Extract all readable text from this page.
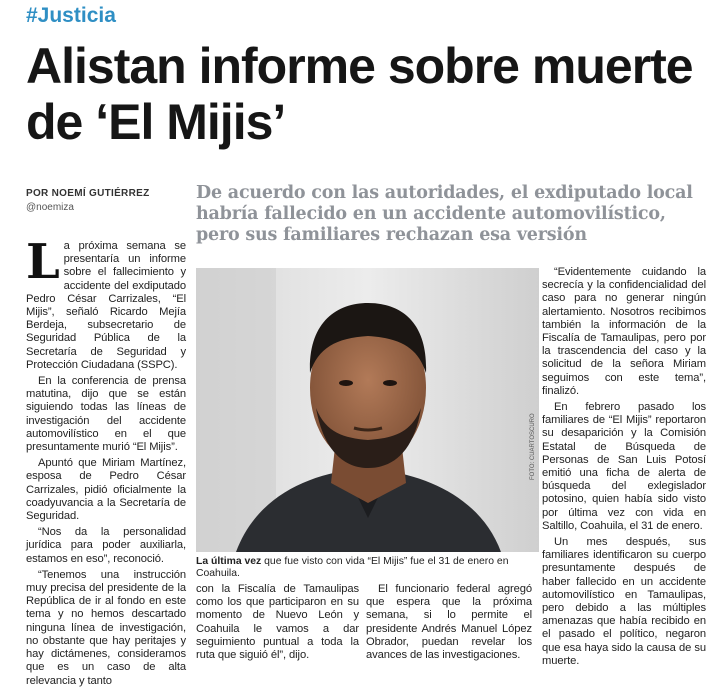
#Justicia
Alistan informe sobre muerte de ‘El Mijis’
POR NOEMÍ GUTIÉRREZ
@noemiza
De acuerdo con las autoridades, el exdiputado local habría fallecido en un accidente automovilístico, pero sus familiares rechazan esa versión

L a próxima semana se presentaría un informe sobre el fallecimiento y accidente del exdiputado Pedro César Carrizales, “El Mijis”, señaló Ricardo Mejía Berdeja, subsecretario de Seguridad Pública de la Secretaría de Seguridad y Protección Ciudadana (SSPC).

En la conferencia de prensa matutina, dijo que se están siguiendo todas las líneas de investigación del accidente automovilístico en el que presuntamente murió “El Mijis”.

Apuntó que Miriam Martínez, esposa de Pedro César Carrizales, pidió oficialmente la coadyuvancia a la Secretaría de Seguridad.

“Nos da la personalidad jurídica para poder auxiliarla, estamos en eso”, reconoció.

“Tenemos una instrucción muy precisa del presidente de la República de ir al fondo en este tema y no hemos descartado ninguna línea de investigación, no obstante que hay peritajes y hay dictámenes, consideramos que es un caso de alta relevancia y tanto

FOTO: CUARTOSCURO
La última vez que fue visto con vida “El Mijis” fue el 31 de enero en Coahuila.

con la Fiscalía de Tamaulipas como los que participaron en su momento de Nuevo León y Coahuila le vamos a dar seguimiento puntual a toda la ruta que siguió él”, dijo.

El funcionario federal agregó que espera que la próxima semana, si lo permite el presidente Andrés Manuel López Obrador, puedan revelar los avances de las investigaciones.

“Evidentemente cuidando la secrecía y la confidencialidad del caso para no generar ningún alertamiento. Nosotros recibimos también la información de la Fiscalía de Tamaulipas, pero por la trascendencia del caso y la solicitud de la señora Miriam seguimos con este tema”, finalizó.

En febrero pasado los familiares de “El Mijis” reportaron su desaparición y la Comisión Estatal de Búsqueda de Personas de San Luis Potosí emitió una ficha de alerta de búsqueda del exlegislador potosino, quien había sido visto por última vez con vida en Saltillo, Coahuila, el 31 de enero.

Un mes después, sus familiares identificaron su cuerpo presuntamente después de haber fallecido en un accidente automovilístico en Tamaulipas, pero debido a las múltiples amenazas que había recibido en el pasado el político, negaron que esa haya sido la causa de su muerte.
